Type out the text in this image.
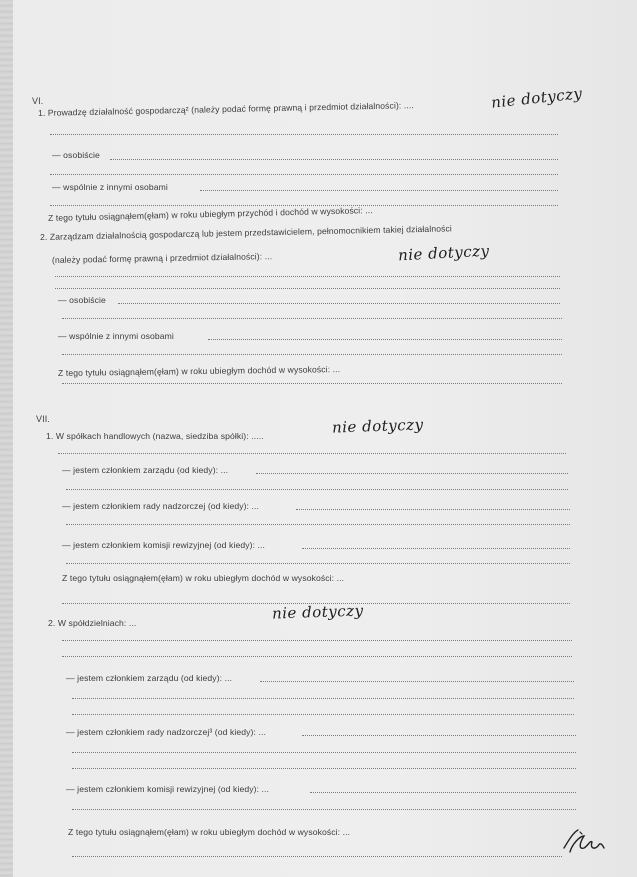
VI.
1. Prowadzę działalność gospodarczą² (należy podać formę prawną i przedmiot działalności): ....	nie dotyczy
— osobiście
— wspólnie z innymi osobami
Z tego tytułu osiągnąłem(ęłam) w roku ubiegłym przychód i dochód w wysokości: ...
2. Zarządzam działalnością gospodarczą lub jestem przedstawicielem, pełnomocnikiem takiej działalności
(należy podać formę prawną i przedmiot działalności): ...	nie dotyczy
— osobiście
— wspólnie z innymi osobami
Z tego tytułu osiągnąłem(ęłam) w roku ubiegłym dochód w wysokości: ...
VII.
1. W spółkach handlowych (nazwa, siedziba spółki): .....	nie dotyczy
— jestem członkiem zarządu (od kiedy): ...
— jestem członkiem rady nadzorczej (od kiedy): ...
— jestem członkiem komisji rewizyjnej (od kiedy): ...
Z tego tytułu osiągnąłem(ęłam) w roku ubiegłym dochód w wysokości: ...
2. W spółdzielniach: ...
nie dotyczy
— jestem członkiem zarządu (od kiedy): ...
— jestem członkiem rady nadzorczej³ (od kiedy): ...
— jestem członkiem komisji rewizyjnej (od kiedy): ...
Z tego tytułu osiągnąłem(ęłam) w roku ubiegłym dochód w wysokości: ...
